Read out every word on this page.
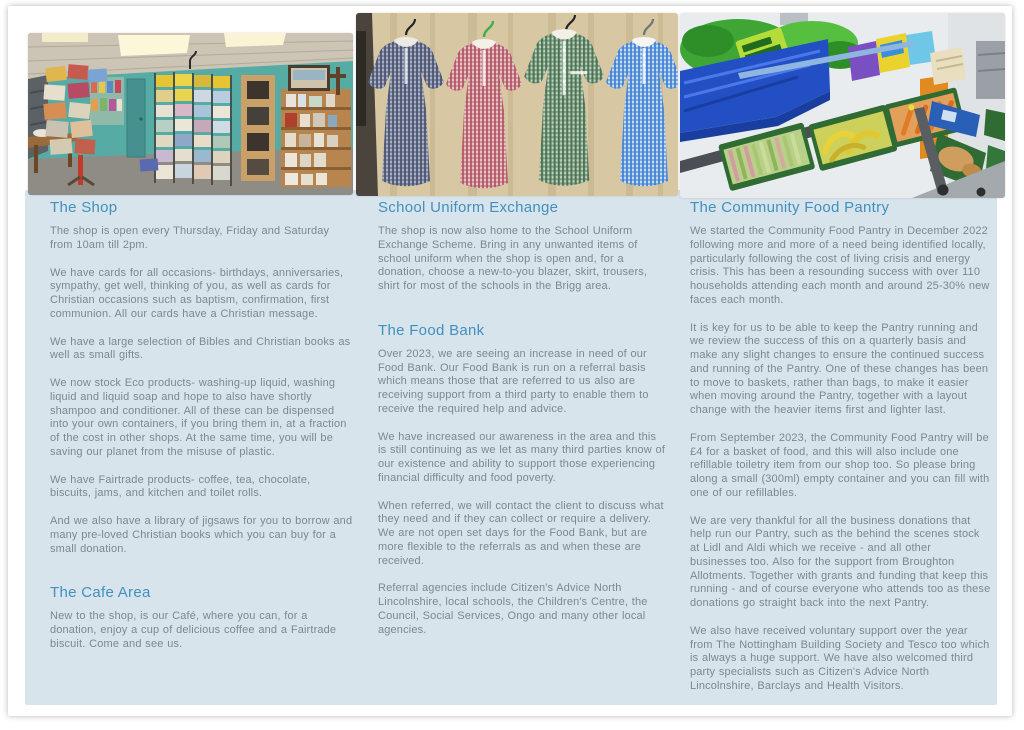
The Shop

The shop is open every Thursday, Friday and Saturday from 10am till 2pm.

We have cards for all occasions- birthdays, anniversaries, sympathy, get well, thinking of you, as well as cards for Christian occasions such as baptism, confirmation, first communion. All our cards have a Christian message.

We have a large selection of Bibles and Christian books as well as small gifts.

We now stock Eco products- washing-up liquid, washing liquid and liquid soap and hope to also have shortly shampoo and conditioner. All of these can be dispensed into your own containers, if you bring them in, at a fraction of the cost in other shops. At the same time, you will be saving our planet from the misuse of plastic.

We have Fairtrade products- coffee, tea, chocolate, biscuits, jams, and kitchen and toilet rolls.

And we also have a library of jigsaws for you to borrow and many pre-loved Christian books which you can buy for a small donation.

The Cafe Area

New to the shop, is our Café, where you can, for a donation, enjoy a cup of delicious coffee and a Fairtrade biscuit. Come and see us.

School Uniform Exchange

The shop is now also home to the School Uniform Exchange Scheme. Bring in any unwanted items of school uniform when the shop is open and, for a donation, choose a new-to-you blazer, skirt, trousers, shirt for most of the schools in the Brigg area.

The Food Bank

Over 2023, we are seeing an increase in need of our Food Bank. Our Food Bank is run on a referral basis which means those that are referred to us also are receiving support from a third party to enable them to receive the required help and advice.

We have increased our awareness in the area and this is still continuing as we let as many third parties know of our existence and ability to support those experiencing financial difficulty and food poverty.

When referred, we will contact the client to discuss what they need and if they can collect or require a delivery. We are not open set days for the Food Bank, but are more flexible to the referrals as and when these are received.

Referral agencies include Citizen's Advice North Lincolnshire, local schools, the Children's Centre, the Council, Social Services, Ongo and many other local agencies.

The Community Food Pantry

We started the Community Food Pantry in December 2022 following more and more of a need being identified locally, particularly following the cost of living crisis and energy crisis. This has been a resounding success with over 110 households attending each month and around 25-30% new faces each month.

It is key for us to be able to keep the Pantry running and we review the success of this on a quarterly basis and make any slight changes to ensure the continued success and running of the Pantry. One of these changes has been to move to baskets, rather than bags, to make it easier when moving around the Pantry, together with a layout change with the heavier items first and lighter last.

From September 2023, the Community Food Pantry will be £4 for a basket of food, and this will also include one refillable toiletry item from our shop too. So please bring along a small (300ml) empty container and you can fill with one of our refillables.

We are very thankful for all the business donations that help run our Pantry, such as the behind the scenes stock at Lidl and Aldi which we receive - and all other businesses too. Also for the support from Broughton Allotments. Together with grants and funding that keep this running - and of course everyone who attends too as these donations go straight back into the next Pantry.

We also have received voluntary support over the year from The Nottingham Building Society and Tesco too which is always a huge support. We have also welcomed third party specialists such as Citizen's Advice North Lincolnshire, Barclays and Health Visitors.
